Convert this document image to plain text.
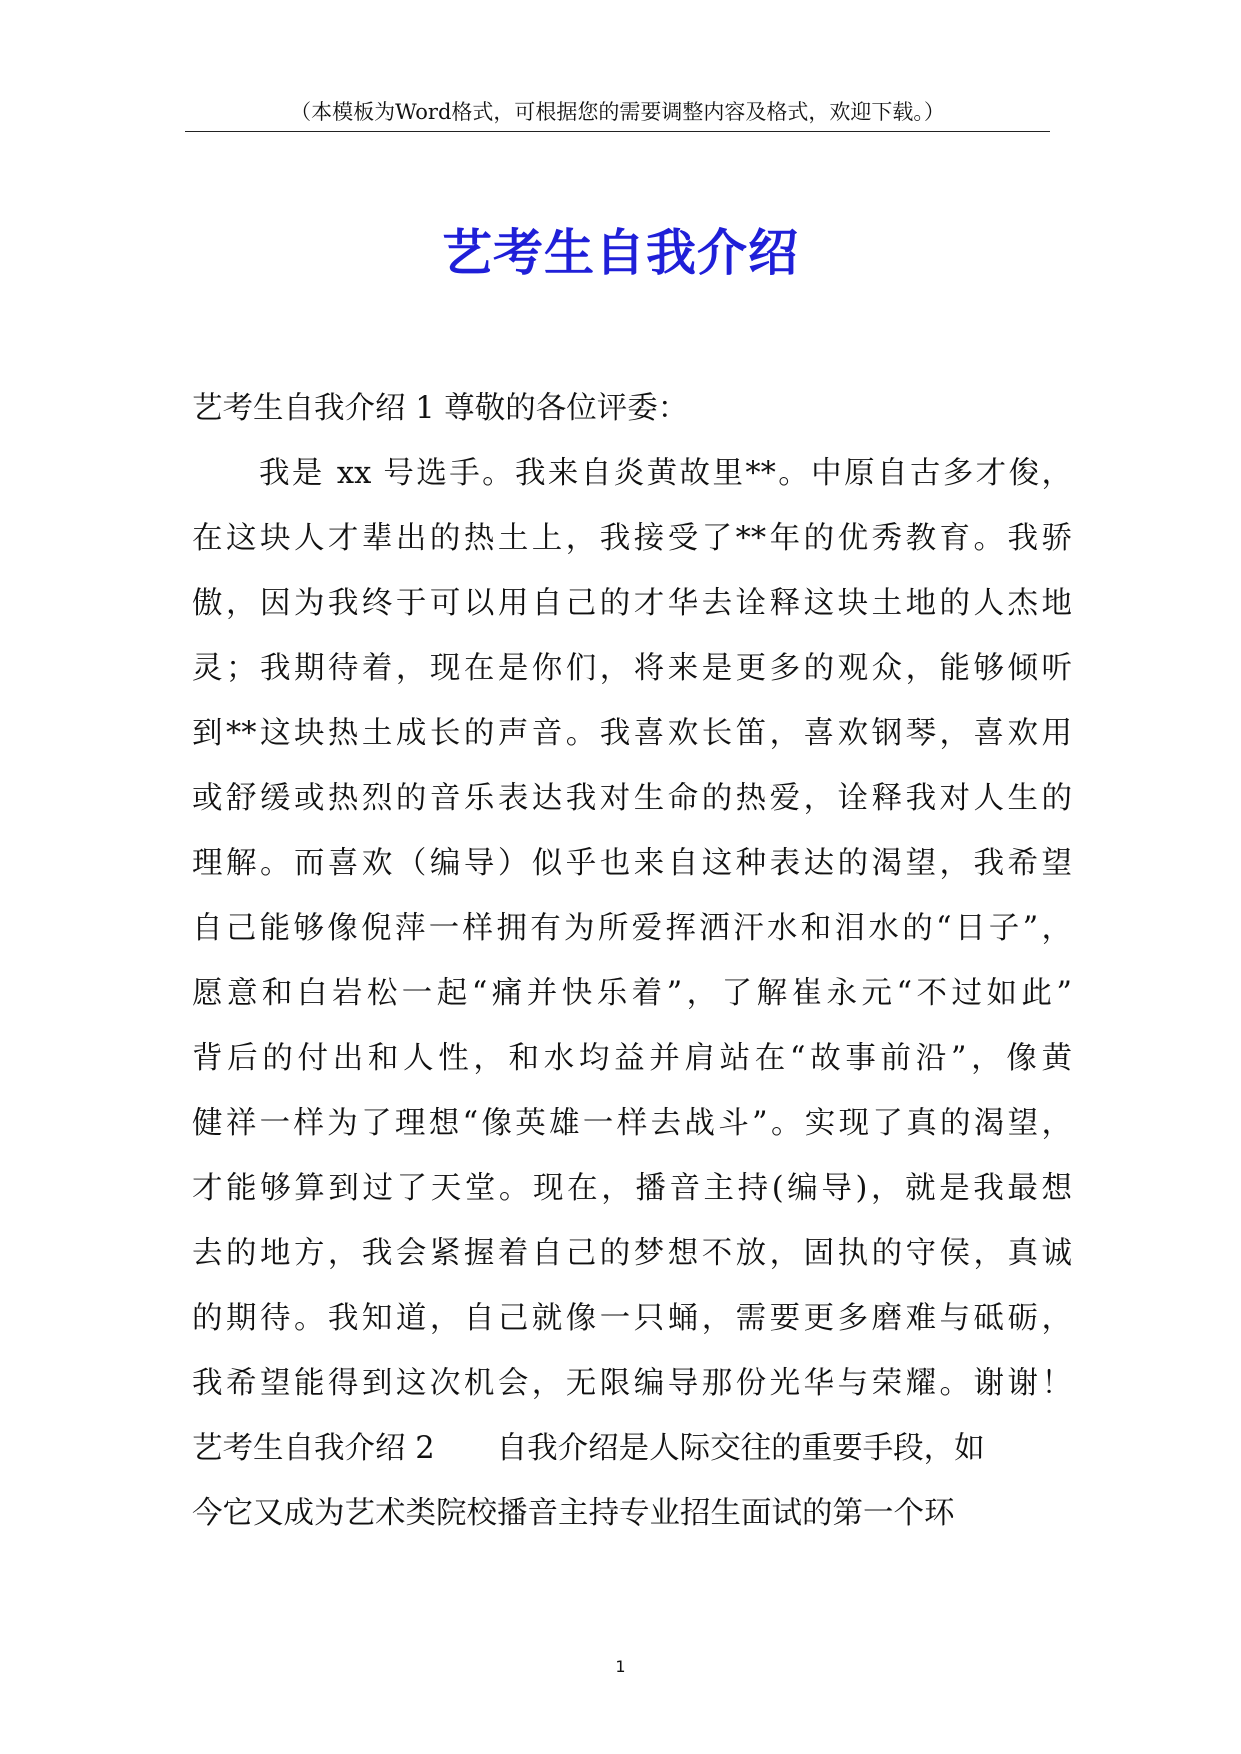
（本模板为Word格式，可根据您的需要调整内容及格式，欢迎下载。）
艺考生自我介绍
艺考生自我介绍 1 尊敬的各位评委：
我是 xx 号选手。我来自炎黄故里**。中原自古多才俊，
在这块人才辈出的热土上，我接受了**年的优秀教育。我骄
傲，因为我终于可以用自己的才华去诠释这块土地的人杰地
灵；我期待着，现在是你们，将来是更多的观众，能够倾听
到**这块热土成长的声音。我喜欢长笛，喜欢钢琴，喜欢用
或舒缓或热烈的音乐表达我对生命的热爱，诠释我对人生的
理解。而喜欢（编导）似乎也来自这种表达的渴望，我希望
自己能够像倪萍一样拥有为所爱挥洒汗水和泪水的“日子”，
愿意和白岩松一起“痛并快乐着”，了解崔永元“不过如此”
背后的付出和人性，和水均益并肩站在“故事前沿”，像黄
健祥一样为了理想“像英雄一样去战斗”。实现了真的渴望，
才能够算到过了天堂。现在，播音主持(编导)，就是我最想
去的地方，我会紧握着自己的梦想不放，固执的守侯，真诚
的期待。我知道，自己就像一只蛹，需要更多磨难与砥砺，
我希望能得到这次机会，无限编导那份光华与荣耀。谢谢！
艺考生自我介绍 2 自我介绍是人际交往的重要手段，如
今它又成为艺术类院校播音主持专业招生面试的第一个环
1
